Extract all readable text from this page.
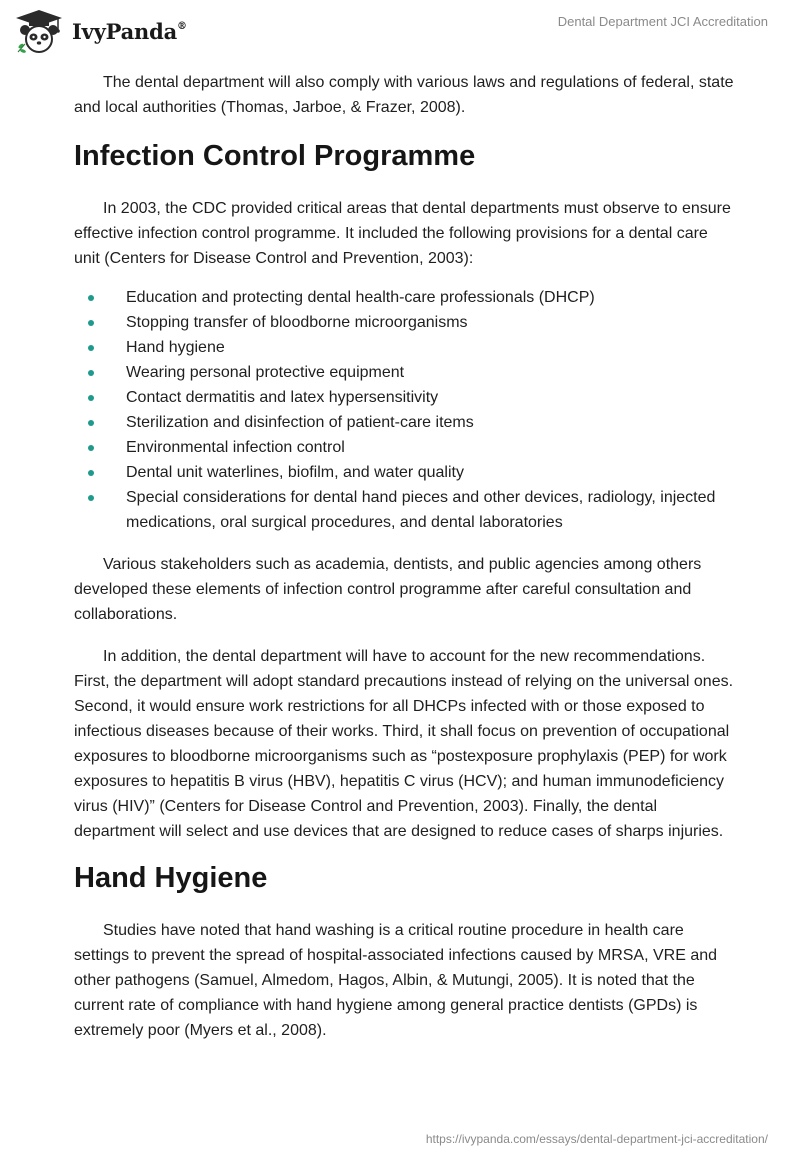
IvyPanda®	Dental Department JCI Accreditation

The dental department will also comply with various laws and regulations of federal, state and local authorities (Thomas, Jarboe, & Frazer, 2008).

Infection Control Programme

In 2003, the CDC provided critical areas that dental departments must observe to ensure effective infection control programme. It included the following provisions for a dental care unit (Centers for Disease Control and Prevention, 2003):

Education and protecting dental health-care professionals (DHCP)
Stopping transfer of bloodborne microorganisms
Hand hygiene
Wearing personal protective equipment
Contact dermatitis and latex hypersensitivity
Sterilization and disinfection of patient-care items
Environmental infection control
Dental unit waterlines, biofilm, and water quality
Special considerations for dental hand pieces and other devices, radiology, injected medications, oral surgical procedures, and dental laboratories

Various stakeholders such as academia, dentists, and public agencies among others developed these elements of infection control programme after careful consultation and collaborations.

In addition, the dental department will have to account for the new recommendations. First, the department will adopt standard precautions instead of relying on the universal ones. Second, it would ensure work restrictions for all DHCPs infected with or those exposed to infectious diseases because of their works. Third, it shall focus on prevention of occupational exposures to bloodborne microorganisms such as “postexposure prophylaxis (PEP) for work exposures to hepatitis B virus (HBV), hepatitis C virus (HCV); and human immunodeficiency virus (HIV)” (Centers for Disease Control and Prevention, 2003). Finally, the dental department will select and use devices that are designed to reduce cases of sharps injuries.

Hand Hygiene

Studies have noted that hand washing is a critical routine procedure in health care settings to prevent the spread of hospital-associated infections caused by MRSA, VRE and other pathogens (Samuel, Almedom, Hagos, Albin, & Mutungi, 2005). It is noted that the current rate of compliance with hand hygiene among general practice dentists (GPDs) is extremely poor (Myers et al., 2008).

https://ivypanda.com/essays/dental-department-jci-accreditation/
